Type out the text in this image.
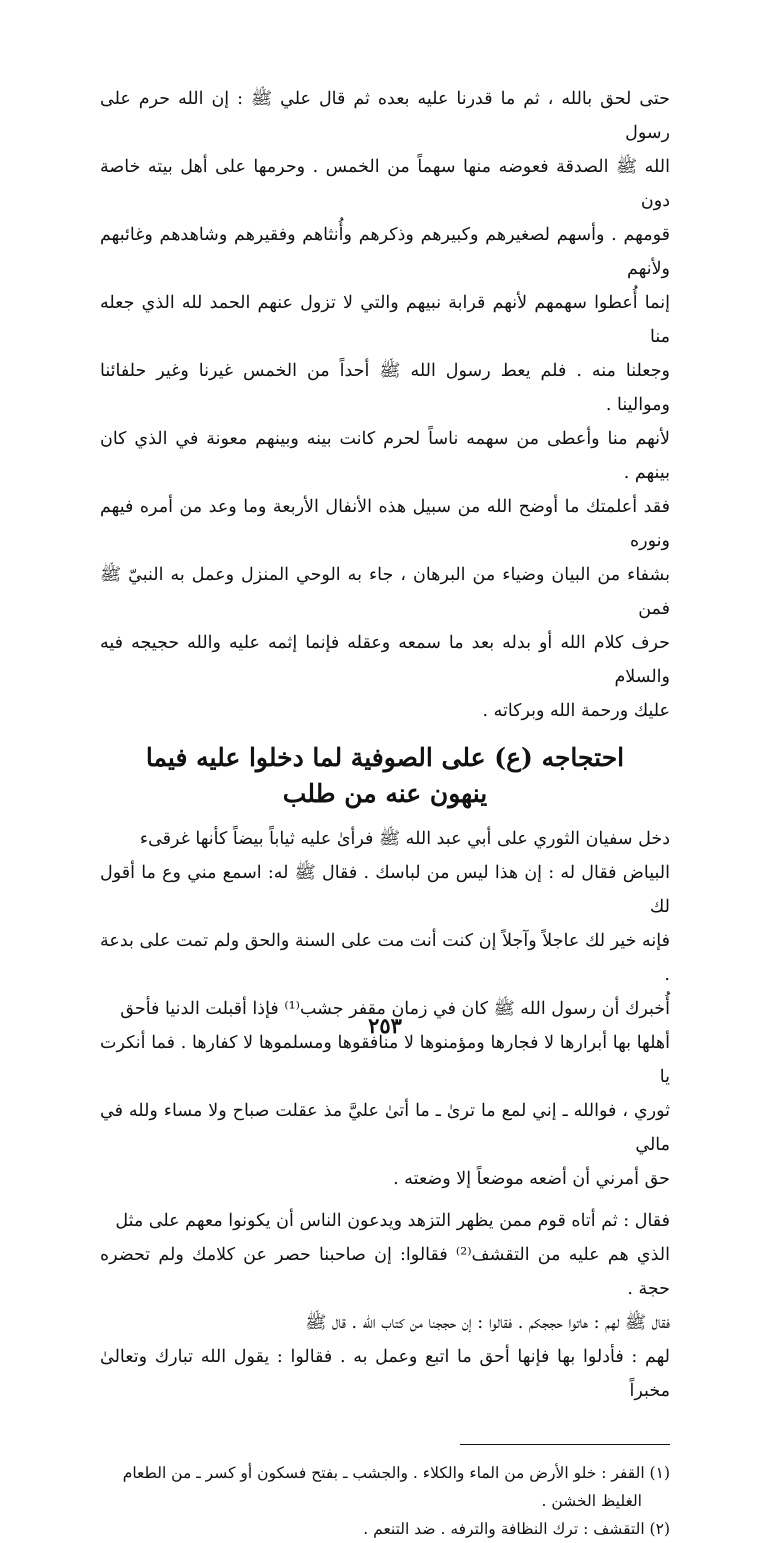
حتى لحق بالله ، ثم ما قدرنا عليه بعده ثم قال علي ﷺ : إن الله حرم على رسول
الله ﷺ الصدقة فعوضه منها سهماً من الخمس . وحرمها على أهل بيته خاصة دون
قومهم . وأسهم لصغيرهم وكبيرهم وذكرهم وأُنثاهم وفقيرهم وشاهدهم وغائبهم ولأنهم
إنما أُعطوا سهمهم لأنهم قرابة نبيهم والتي لا تزول عنهم الحمد لله الذي جعله منا
وجعلنا منه . فلم يعط رسول الله ﷺ أحداً من الخمس غيرنا وغير حلفائنا وموالينا .
لأنهم منا وأعطى من سهمه ناساً لحرم كانت بينه وبينهم معونة في الذي كان بينهم .
فقد أعلمتك ما أوضح الله من سبيل هذه الأنفال الأربعة وما وعد من أمره فيهم ونوره
بشفاء من البيان وضياء من البرهان ، جاء به الوحي المنزل وعمل به النبيّ ﷺ فمن
حرف كلام الله أو بدله بعد ما سمعه وعقله فإنما إثمه عليه والله حجيجه فيه والسلام
عليك ورحمة الله وبركاته .

احتجاجه (ع) على الصوفية لما دخلوا عليه فيما
ينهون عنه من طلب

دخل سفيان الثوري على أبي عبد الله ﷺ فرأىٰ عليه ثياباً بيضاً كأنها غرقىء
البياض فقال له : إن هذا ليس من لباسك . فقال ﷺ له: اسمع مني وع ما أقول لك
فإنه خير لك عاجلاً وآجلاً إن كنت أنت مت على السنة والحق ولم تمت على بدعة .
أُخبرك أن رسول الله ﷺ كان في زمان مقفر جشب⁽¹⁾ فإذا أقبلت الدنيا فأحق
أهلها بها أبرارها لا فجارها ومؤمنوها لا منافقوها ومسلموها لا كفارها . فما أنكرت يا
ثوري ، فوالله ـ إني لمع ما ترىٰ ـ ما أتىٰ عليَّ مذ عقلت صباح ولا مساء ولله في مالي
حق أمرني أن أضعه موضعاً إلا وضعته .

فقال : ثم أتاه قوم ممن يظهر التزهد ويدعون الناس أن يكونوا معهم على مثل
الذي هم عليه من التقشف⁽²⁾ فقالوا: إن صاحبنا حصر عن كلامك ولم تحضره حجة .
فقال ﷺ لهم : هاتوا حججكم . فقالوا : إن حججنا من كتاب الله . قال ﷺ
لهم : فأدلوا بها فإنها أحق ما اتبع وعمل به . فقالوا : يقول الله تبارك وتعالىٰ مخبراً

(١) القفر : خلو الأرض من الماء والكلاء . والجشب ـ بفتح فسكون أو كسر ـ من الطعام
الغليظ الخشن .
(٢) التقشف : ترك النظافة والترفه . ضد التنعم .
٢٥٣
